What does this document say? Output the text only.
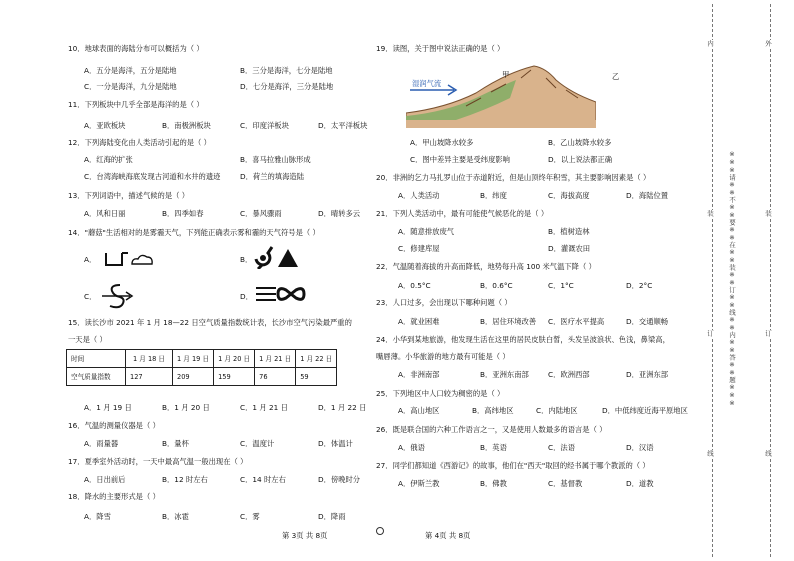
10．地球表面的海陆分布可以概括为（ ）
A．五分是海洋，五分是陆地	B．三分是海洋，七分是陆地
C．一分是海洋，九分是陆地	D．七分是海洋，三分是陆地
11．下列板块中几乎全部是海洋的是（ ）
A．亚欧板块	B．南极洲板块	C．印度洋板块	D．太平洋板块
12．下列海陆变化由人类活动引起的是（ ）
A．红海的扩张	B．喜马拉雅山脉形成
C．台湾海峡海底发现古河道和水井的遗迹	D．荷兰的填海造陆
13．下列词语中，描述气候的是（ ）
A．风和日丽	B．四季如春	C．暴风骤雨	D．晴转多云
14．"蘑菇"生活相对的是雾霾天气，下列能正确表示雾和霾的天气符号是（ ）
A．	B．
C．	D．
15．读长沙市 2021 年 1 月 18—22 日空气质量指数统计表，长沙市空气污染最严重的
一天是（ ）
时间	1 月 18 日	1 月 19 日	1 月 20 日	1 月 21 日	1 月 22 日
空气质量指数	127	209	159	76	59
A．1 月 19 日	B．1 月 20 日	C．1 月 21 日	D．1 月 22 日
16．气温的测量仪器是（ ）
A．雨量器	B．量杯	C．温度计	D．体温计
17．夏季室外活动时，一天中最高气温一般出现在（ ）
A．日出前后	B．12 时左右	C．14 时左右	D．傍晚时分
18．降水的主要形式是（ ）
A．降雪	B．冰雹	C．雾	D．降雨
第 3页 共 8页	第 4页 共 8页
19．读图，关于图中说法正确的是（ ）
湿润气流
甲	乙
A．甲山坡降水较多	B．乙山坡降水较多
C．图中差异主要是受纬度影响	D．以上说法都正确
20．非洲的乞力马扎罗山位于赤道附近，但是山顶终年积雪，其主要影响因素是（ ）
A．人类活动	B．纬度	C．海拔高度	D．海陆位置
21．下列人类活动中，最有可能使气候恶化的是（ ）
A．随意排放废气	B．植树造林
C．修建库屋	D．灌溉农田
22．气温随着海拔的升高而降低，地势每升高 100 米气温下降（ ）
A．0.5°C	B．0.6°C	C．1°C	D．2°C
23．人口过多，会出现以下哪种问题（ ）
A．就业困难	B．居住环境改善 C．医疗水平提高	D．交通顺畅
24．小华到某地旅游，他发现生活在这里的居民皮肤白皙，头发呈波浪状、色浅，鼻梁高，
嘴唇薄。小华旅游的地方最有可能是（ ）
A．非洲南部	B．亚洲东南部	C．欧洲西部	D．亚洲东部
25．下列地区中人口较为稠密的是（ ）
A．高山地区	B．高纬地区	C．内陆地区	D．中低纬度近海平原地区
26．既是联合国的六种工作语言之一，又是使用人数最多的语言是（ ）
A．俄语	B．英语	C．法语	D．汉语
27．同学们都知道《西游记》的故事，他们在"西天"取回的经书属于哪个教派的（ ）
A．伊斯兰教	B．佛教	C．基督教	D．道教
※※※请※※不※※要※※在※※装※※订※※线※※内※※答※※题※※※
内
装
订
线
外
装
订
线
